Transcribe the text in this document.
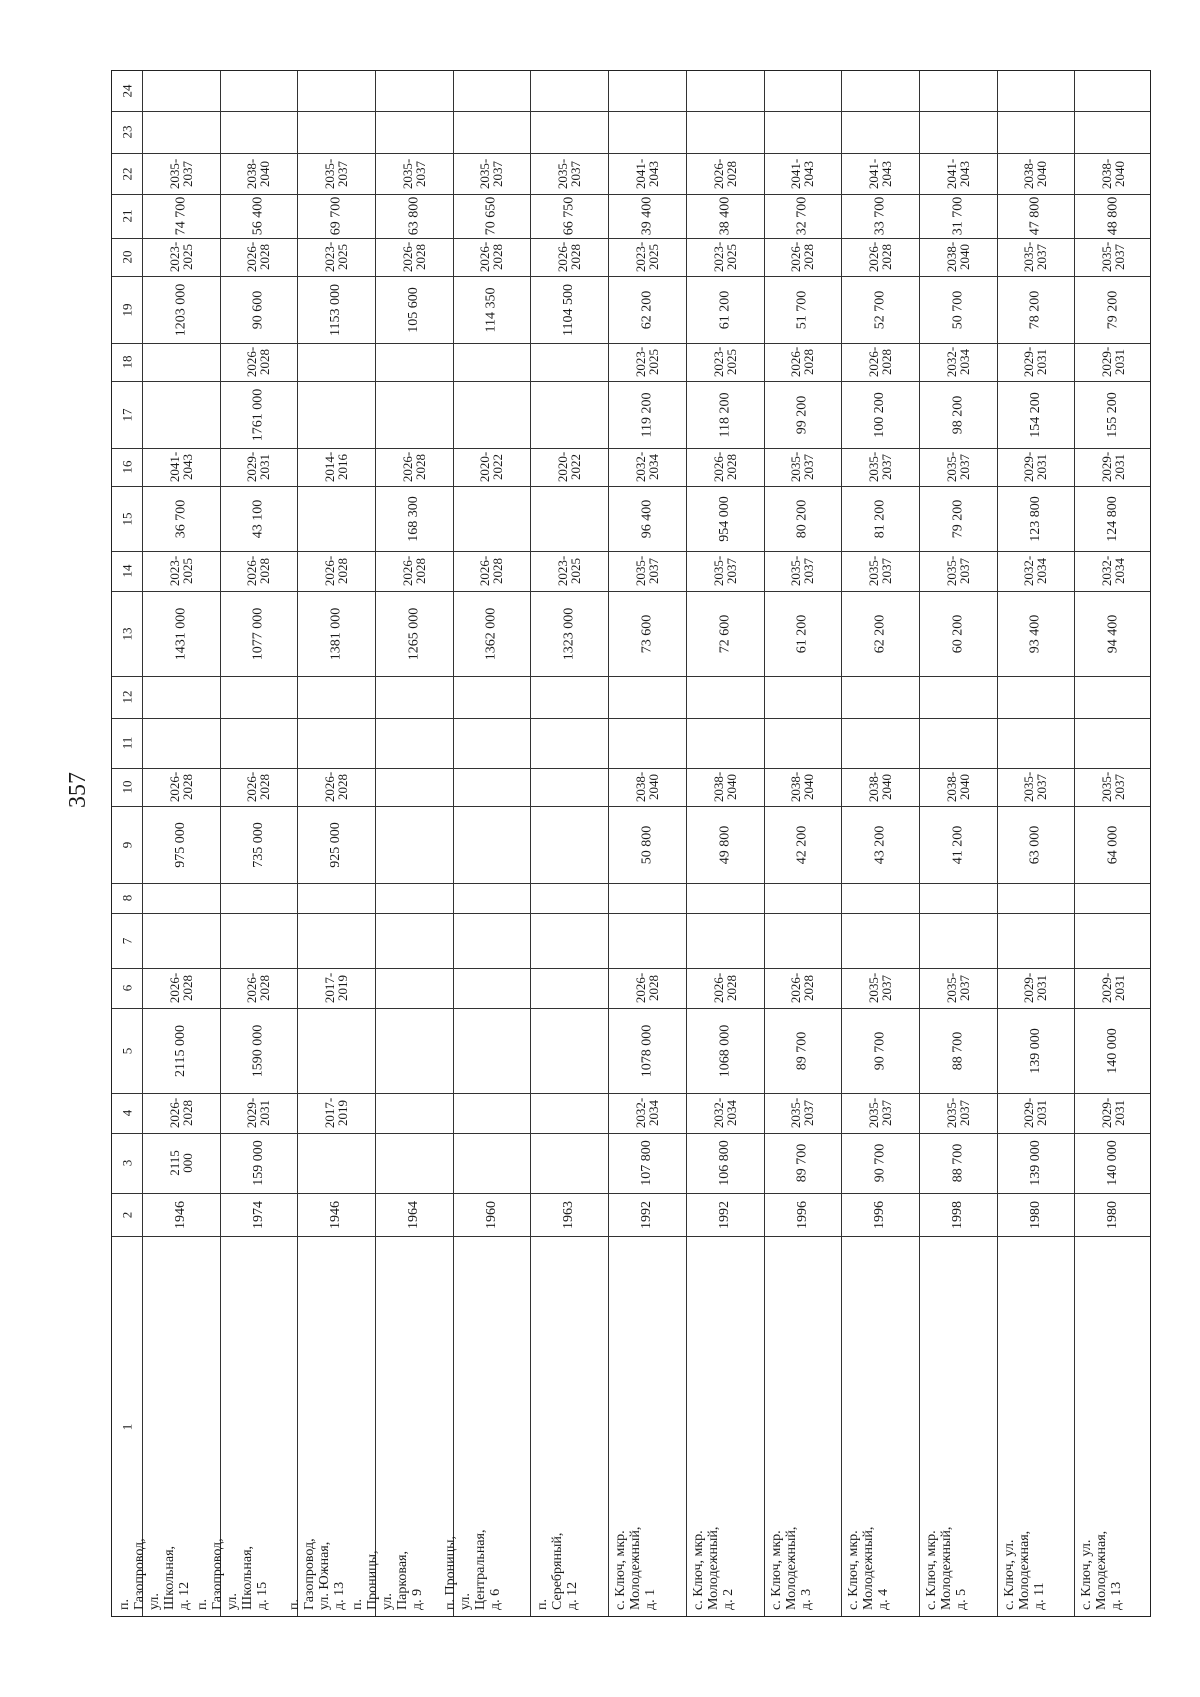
357
1
2
3
4
5
6
7
8
9
10
11
12
13
14
15
16
17
18
19
20
21
22
23
24
п. Газопровод, ул.
Школьная, д. 12
1946
2115
000
2026-
2028
2115 000
2026-
2028
975 000
2026-
2028
1431 000
2023-
2025
36 700
2041-
2043
1203 000
2023-
2025
74 700
2035-
2037
п. Газопровод, ул.
Школьная, д. 15
1974
159 000
2029-
2031
1590 000
2026-
2028
735 000
2026-
2028
1077 000
2026-
2028
43 100
2029-
2031
1761 000
2026-
2028
90 600
2026-
2028
56 400
2038-
2040
п. Газопровод, ул. Южная,
д. 13
1946
2017-
2019
2017-
2019
925 000
2026-
2028
1381 000
2026-
2028
2014-
2016
1153 000
2023-
2025
69 700
2035-
2037
п. Проницы, ул. Парковая,
д. 9
1964
1265 000
2026-
2028
168 300
2026-
2028
105 600
2026-
2028
63 800
2035-
2037
п. Проницы, ул.
Центральная, д. 6
1960
1362 000
2026-
2028
2020-
2022
114 350
2026-
2028
70 650
2035-
2037
п. Серебряный, д. 12
1963
1323 000
2023-
2025
2020-
2022
1104 500
2026-
2028
66 750
2035-
2037
с. Ключ, мкр. Молодежный,
д. 1
1992
107 800
2032-
2034
1078 000
2026-
2028
50 800
2038-
2040
73 600
2035-
2037
96 400
2032-
2034
119 200
2023-
2025
62 200
2023-
2025
39 400
2041-
2043
с. Ключ, мкр. Молодежный,
д. 2
1992
106 800
2032-
2034
1068 000
2026-
2028
49 800
2038-
2040
72 600
2035-
2037
954 000
2026-
2028
118 200
2023-
2025
61 200
2023-
2025
38 400
2026-
2028
с. Ключ, мкр. Молодежный,
д. 3
1996
89 700
2035-
2037
89 700
2026-
2028
42 200
2038-
2040
61 200
2035-
2037
80 200
2035-
2037
99 200
2026-
2028
51 700
2026-
2028
32 700
2041-
2043
с. Ключ, мкр. Молодежный,
д. 4
1996
90 700
2035-
2037
90 700
2035-
2037
43 200
2038-
2040
62 200
2035-
2037
81 200
2035-
2037
100 200
2026-
2028
52 700
2026-
2028
33 700
2041-
2043
с. Ключ, мкр. Молодежный,
д. 5
1998
88 700
2035-
2037
88 700
2035-
2037
41 200
2038-
2040
60 200
2035-
2037
79 200
2035-
2037
98 200
2032-
2034
50 700
2038-
2040
31 700
2041-
2043
с. Ключ, ул. Молодежная,
д. 11
1980
139 000
2029-
2031
139 000
2029-
2031
63 000
2035-
2037
93 400
2032-
2034
123 800
2029-
2031
154 200
2029-
2031
78 200
2035-
2037
47 800
2038-
2040
с. Ключ, ул. Молодежная,
д. 13
1980
140 000
2029-
2031
140 000
2029-
2031
64 000
2035-
2037
94 400
2032-
2034
124 800
2029-
2031
155 200
2029-
2031
79 200
2035-
2037
48 800
2038-
2040
